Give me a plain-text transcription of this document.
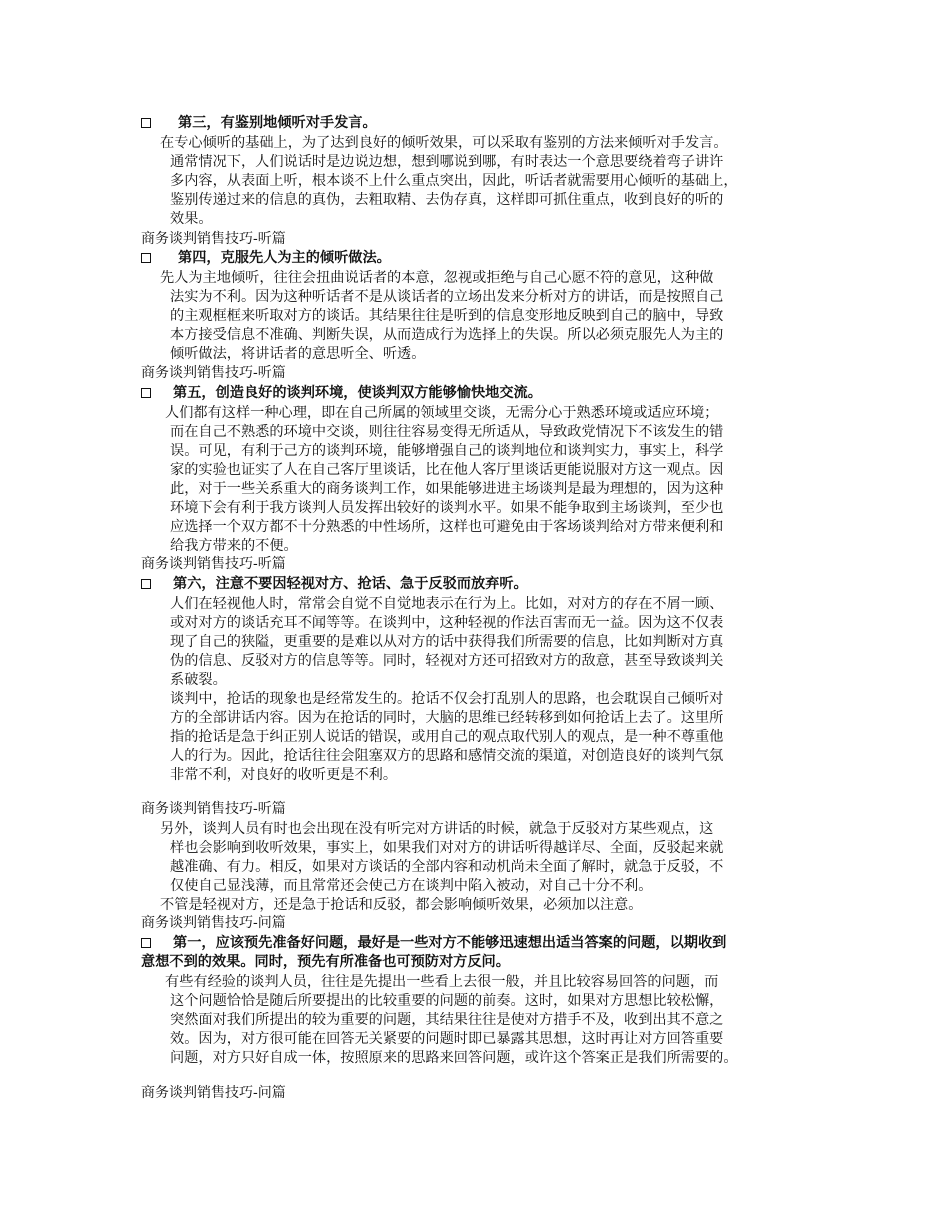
第三，有鉴别地倾听对手发言。
在专心倾听的基础上，为了达到良好的倾听效果，可以采取有鉴别的方法来倾听对手发言。
通常情况下，人们说话时是边说边想，想到哪说到哪，有时表达一个意思要绕着弯子讲许
多内容，从表面上听，根本谈不上什么重点突出，因此，听话者就需要用心倾听的基础上，
鉴别传递过来的信息的真伪，去粗取精、去伪存真，这样即可抓住重点，收到良好的听的
效果。
商务谈判销售技巧-听篇
第四，克服先人为主的倾听做法。
先人为主地倾听，往往会扭曲说话者的本意，忽视或拒绝与自己心愿不符的意见，这种做
法实为不利。因为这种听话者不是从谈话者的立场出发来分析对方的讲话，而是按照自己
的主观框框来听取对方的谈话。其结果往往是听到的信息变形地反映到自己的脑中，导致
本方接受信息不准确、判断失误，从而造成行为选择上的失误。所以必须克服先人为主的
倾听做法，将讲话者的意思听全、听透。
商务谈判销售技巧-听篇
第五，创造良好的谈判环境，使谈判双方能够愉快地交流。
人们都有这样一种心理，即在自己所属的领域里交谈，无需分心于熟悉环境或适应环境；
而在自己不熟悉的环境中交谈，则往往容易变得无所适从，导致政党情况下不该发生的错
误。可见，有利于己方的谈判环境，能够增强自己的谈判地位和谈判实力，事实上，科学
家的实验也证实了人在自己客厅里谈话，比在他人客厅里谈话更能说服对方这一观点。因
此，对于一些关系重大的商务谈判工作，如果能够进进主场谈判是最为理想的，因为这种
环境下会有利于我方谈判人员发挥出较好的谈判水平。如果不能争取到主场谈判，至少也
应选择一个双方都不十分熟悉的中性场所，这样也可避免由于客场谈判给对方带来便利和
给我方带来的不便。
商务谈判销售技巧-听篇
第六，注意不要因轻视对方、抢话、急于反驳而放弃听。
人们在轻视他人时，常常会自觉不自觉地表示在行为上。比如，对对方的存在不屑一顾、
或对对方的谈话充耳不闻等等。在谈判中，这种轻视的作法百害而无一益。因为这不仅表
现了自己的狭隘，更重要的是难以从对方的话中获得我们所需要的信息，比如判断对方真
伪的信息、反驳对方的信息等等。同时，轻视对方还可招致对方的敌意，甚至导致谈判关
系破裂。
谈判中，抢话的现象也是经常发生的。抢话不仅会打乱别人的思路，也会耽误自己倾听对
方的全部讲话内容。因为在抢话的同时，大脑的思维已经转移到如何抢话上去了。这里所
指的抢话是急于纠正别人说话的错误，或用自己的观点取代别人的观点，是一种不尊重他
人的行为。因此，抢话往往会阻塞双方的思路和感情交流的渠道，对创造良好的谈判气氛
非常不利，对良好的收听更是不利。
商务谈判销售技巧-听篇
另外，谈判人员有时也会出现在没有听完对方讲话的时候，就急于反驳对方某些观点，这
样也会影响到收听效果，事实上，如果我们对对方的讲话听得越详尽、全面，反驳起来就
越准确、有力。相反，如果对方谈话的全部内容和动机尚未全面了解时，就急于反驳，不
仅使自己显浅薄，而且常常还会使己方在谈判中陷入被动，对自己十分不利。
不管是轻视对方，还是急于抢话和反驳，都会影响倾听效果，必须加以注意。
商务谈判销售技巧-问篇
第一，应该预先准备好问题，最好是一些对方不能够迅速想出适当答案的问题，以期收到
意想不到的效果。同时，预先有所准备也可预防对方反问。
有些有经验的谈判人员，往往是先提出一些看上去很一般，并且比较容易回答的问题，而
这个问题恰恰是随后所要提出的比较重要的问题的前奏。这时，如果对方思想比较松懈，
突然面对我们所提出的较为重要的问题，其结果往往是使对方措手不及，收到出其不意之
效。因为，对方很可能在回答无关紧要的问题时即已暴露其思想，这时再让对方回答重要
问题，对方只好自成一体，按照原来的思路来回答问题，或许这个答案正是我们所需要的。
商务谈判销售技巧-问篇
